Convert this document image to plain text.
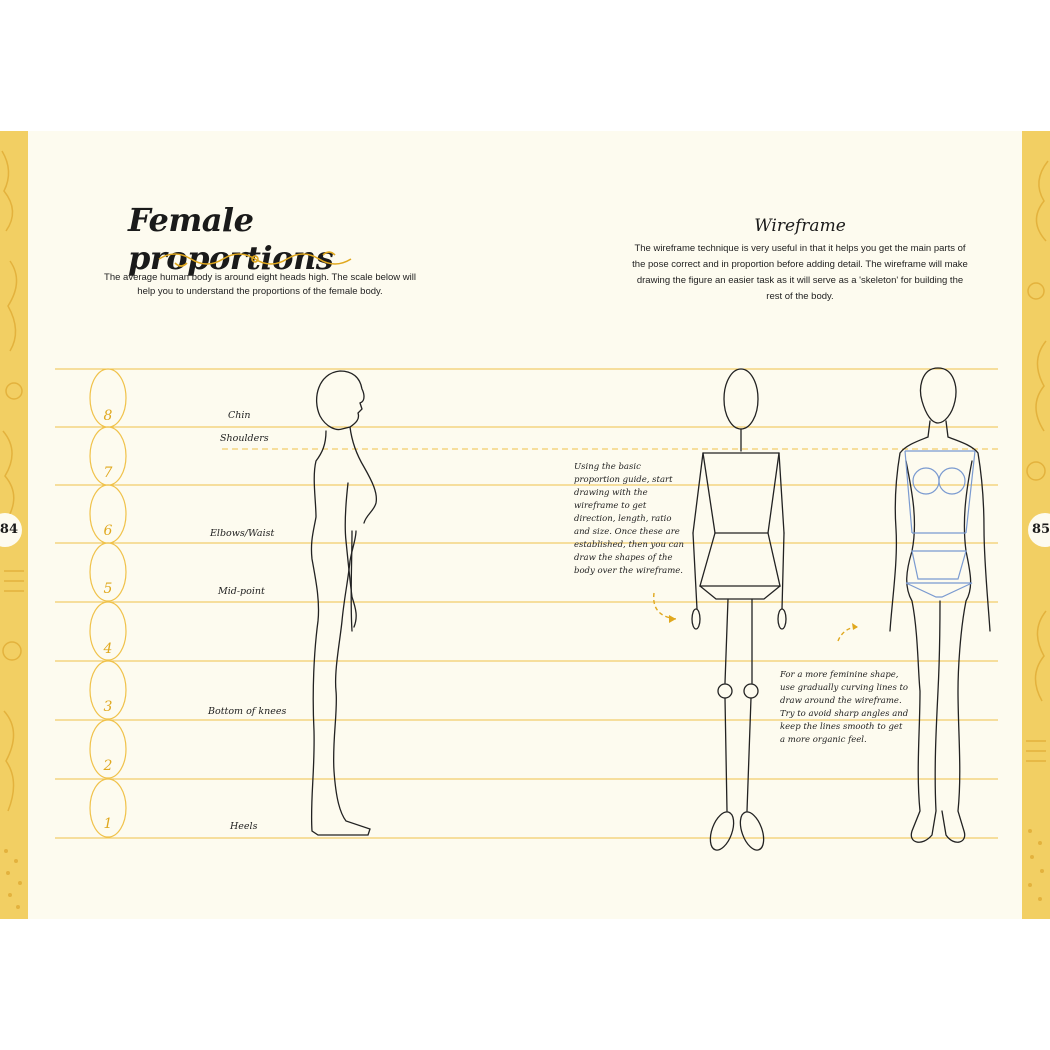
84	85
Female proportions
The average human body is around eight heads high. The scale below will help you to understand the proportions of the female body.
Wireframe
The wireframe technique is very useful in that it helps you get the main parts of the pose correct and in proportion before adding detail. The wireframe will make drawing the figure an easier task as it will serve as a 'skeleton' for building the rest of the body.
8
7
6
5
4
3
2
1
Chin
Shoulders
Elbows/Waist
Mid-point
Bottom of knees
Heels
Using the basic proportion guide, start drawing with the wireframe to get direction, length, ratio and size. Once these are established, then you can draw the shapes of the body over the wireframe.
For a more feminine shape, use gradually curving lines to draw around the wireframe. Try to avoid sharp angles and keep the lines smooth to get a more organic feel.
